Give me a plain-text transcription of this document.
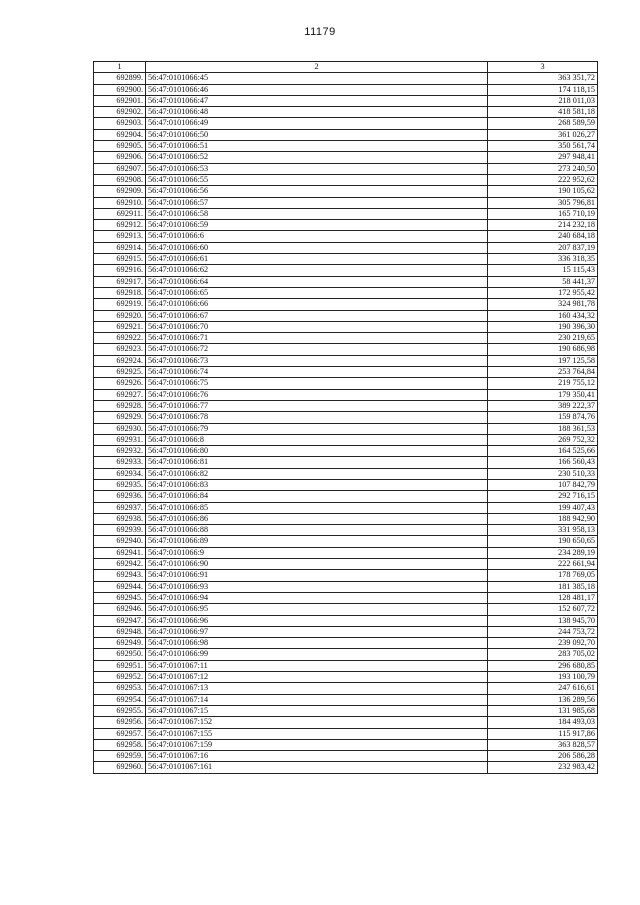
11179
1	2	3
692899.	56:47:0101066:45	363 351,72
692900.	56:47:0101066:46	174 118,15
692901.	56:47:0101066:47	218 011,03
692902.	56:47:0101066:48	418 581,18
692903.	56:47:0101066:49	268 589,59
692904.	56:47:0101066:50	361 026,27
692905.	56:47:0101066:51	350 561,74
692906.	56:47:0101066:52	297 948,41
692907.	56:47:0101066:53	273 240,50
692908.	56:47:0101066:55	222 952,62
692909.	56:47:0101066:56	190 105,62
692910.	56:47:0101066:57	305 796,81
692911.	56:47:0101066:58	165 710,19
692912.	56:47:0101066:59	214 232,18
692913.	56:47:0101066:6	240 684,18
692914.	56:47:0101066:60	207 837,19
692915.	56:47:0101066:61	336 318,35
692916.	56:47:0101066:62	15 115,43
692917.	56:47:0101066:64	58 441,37
692918.	56:47:0101066:65	172 955,42
692919.	56:47:0101066:66	324 981,78
692920.	56:47:0101066:67	160 434,32
692921.	56:47:0101066:70	190 396,30
692922.	56:47:0101066:71	230 219,65
692923.	56:47:0101066:72	190 686,98
692924.	56:47:0101066:73	197 125,58
692925.	56:47:0101066:74	253 764,84
692926.	56:47:0101066:75	219 755,12
692927.	56:47:0101066:76	179 350,41
692928.	56:47:0101066:77	389 222,37
692929.	56:47:0101066:78	159 874,76
692930.	56:47:0101066:79	188 361,53
692931.	56:47:0101066:8	269 752,32
692932.	56:47:0101066:80	164 525,66
692933.	56:47:0101066:81	166 560,43
692934.	56:47:0101066:82	230 510,33
692935.	56:47:0101066:83	107 842,79
692936.	56:47:0101066:84	292 716,15
692937.	56:47:0101066:85	199 407,43
692938.	56:47:0101066:86	188 942,90
692939.	56:47:0101066:88	331 958,13
692940.	56:47:0101066:89	190 650,65
692941.	56:47:0101066:9	234 289,19
692942.	56:47:0101066:90	222 661,94
692943.	56:47:0101066:91	178 769,05
692944.	56:47:0101066:93	181 385,18
692945.	56:47:0101066:94	128 481,17
692946.	56:47:0101066:95	152 607,72
692947.	56:47:0101066:96	138 945,70
692948.	56:47:0101066:97	244 753,72
692949.	56:47:0101066:98	239 092,70
692950.	56:47:0101066:99	283 705,02
692951.	56:47:0101067:11	296 680,85
692952.	56:47:0101067:12	193 100,79
692953.	56:47:0101067:13	247 616,61
692954.	56:47:0101067:14	136 289,56
692955.	56:47:0101067:15	131 985,68
692956.	56:47:0101067:152	184 493,03
692957.	56:47:0101067:155	115 917,86
692958.	56:47:0101067:159	363 828,57
692959.	56:47:0101067:16	206 586,28
692960.	56:47:0101067:161	232 983,42
